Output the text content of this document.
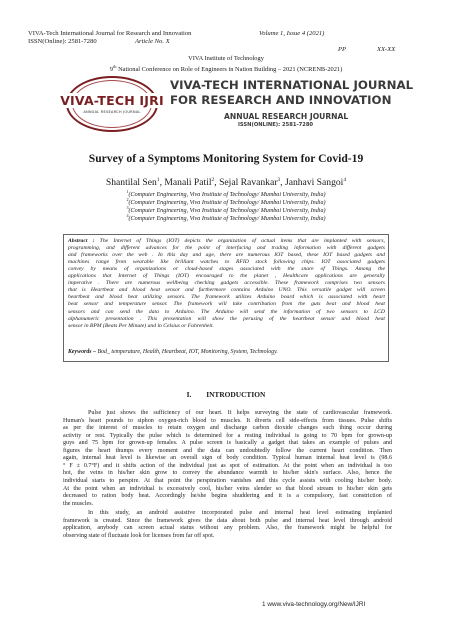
VIVA-Tech International Journal for Research and Innovation	Volume 1, Issue 4 (2021)
ISSN(Online): 2581-7280	Article No. X
PP	XX-XX
VIVA Institute of Technology
9th National Conference on Role of Engineers in Nation Building – 2021 (NCRENB-2021)
VIVA-TECH IJRI
ANNUAL RESEARCH JOURNAL
VIVA-TECH INTERNATIONAL JOURNAL
FOR RESEARCH AND INNOVATION
ANNUAL RESEARCH JOURNAL
ISSN(ONLINE): 2581-7280
Survey of a Symptoms Monitoring System for Covid-19
Shantilal Sen$^1$, Manali Patil$^2$, Sejal Ravankar$^3$, Janhavi Sangoi$^4$
$^1$(Computer Engineering, Viva Institute of Technology/ Mumbai University, India)
$^2$(Computer Engineering, Viva Institute of Technology/ Mumbai University, India)
$^3$(Computer Engineering, Viva Institute of Technology/ Mumbai University, India)
$^4$(Computer Engineering, Viva Institute of Technology/ Mumbai University, India)
Abstract : The Internet of Things (IOT) depicts the organization of actual items that are implanted with sensors,
programming, and different advances for the point of interfacing and trading information with different gadgets
and frameworks over the web . In this day and age, there are numerous IOT based, these IOT based gadgets and
machines range from wearable like brilliant watches to RFID stock following chips. IOT associated gadgets
convey by means of organizations or cloud-based stages associated with the snare of Things. Among the
applications that Internet of Things (IOT) encouraged to the planet , Healthcare applications are generally
imperative . There are numerous wellbeing checking gadgets accessible. These framework comprises two sensors
that is Heartbeat and blood heat sensor and furthermore contains Arduino UNO. This versatile gadget will screen
heartbeat and blood heat utilizing sensors. The framework utilizes Arduino board which is associated with heart
beat sensor and temperature sensor. The framework will take contribution from the guts beat and blood heat
sensors and can send the data to Arduino. The Arduino will send the information of two sensors to LCD
alphanumeric presentation . This presentation will show the perusing of the heartbeat sensor and blood heat
sensor in BPM (Beats Per Minute) and in Celsius or Fahrenheit.
Keywords – Bod_ temperature, Health, Heartbeat, IOT, Monitoring, System, Technology.
I. INTRODUCTION
Pulse just shows the sufficiency of our heart. It helps surveying the state of cardiovascular framework.
Human's heart pounds to siphon oxygen-rich blood to muscles. It diverts cell side-effects from tissues. Pulse shifts
as per the interest of muscles to retain oxygen and discharge carbon dioxide changes such thing occur during
activity or rest. Typically the pulse which is determined for a resting individual is going to 70 bpm for grown-up
guys and 75 bpm for grown-up females. A pulse screen is basically a gadget that takes an example of pulses and
figures the heart thumps every moment and the data can undoubtedly follow the current heart condition. Then
again, internal heat level is likewise an overall sign of body condition. Typical human internal heat level is (98.6
° F ± 0.7°F) and it shifts action of the individual just as spot of estimation. At the point when an individual is too
hot, the veins in his/her skin grow to convey the abundance warmth to his/her skin's surface. Also, hence the
individual starts to perspire. At that point the perspiration vanishes and this cycle assists with cooling his/her body.
At the point when an individual is excessively cool, his/her veins slender so that blood stream to his/her skin gets
decreased to ration body heat. Accordingly he/she begins shuddering and it is a compulsory, fast constriction of
the muscles.
In this study, an android assistive incorporated pulse and internal heat level estimating implanted
framework is created. Since the framework gives the data about both pulse and internal heat level through android
application, anybody can screen actual status without any problem. Also, the framework might be helpful for
observing state of fluctuate look for licenses from far off spot.
1 www.viva-technology.org/New/IJRI
